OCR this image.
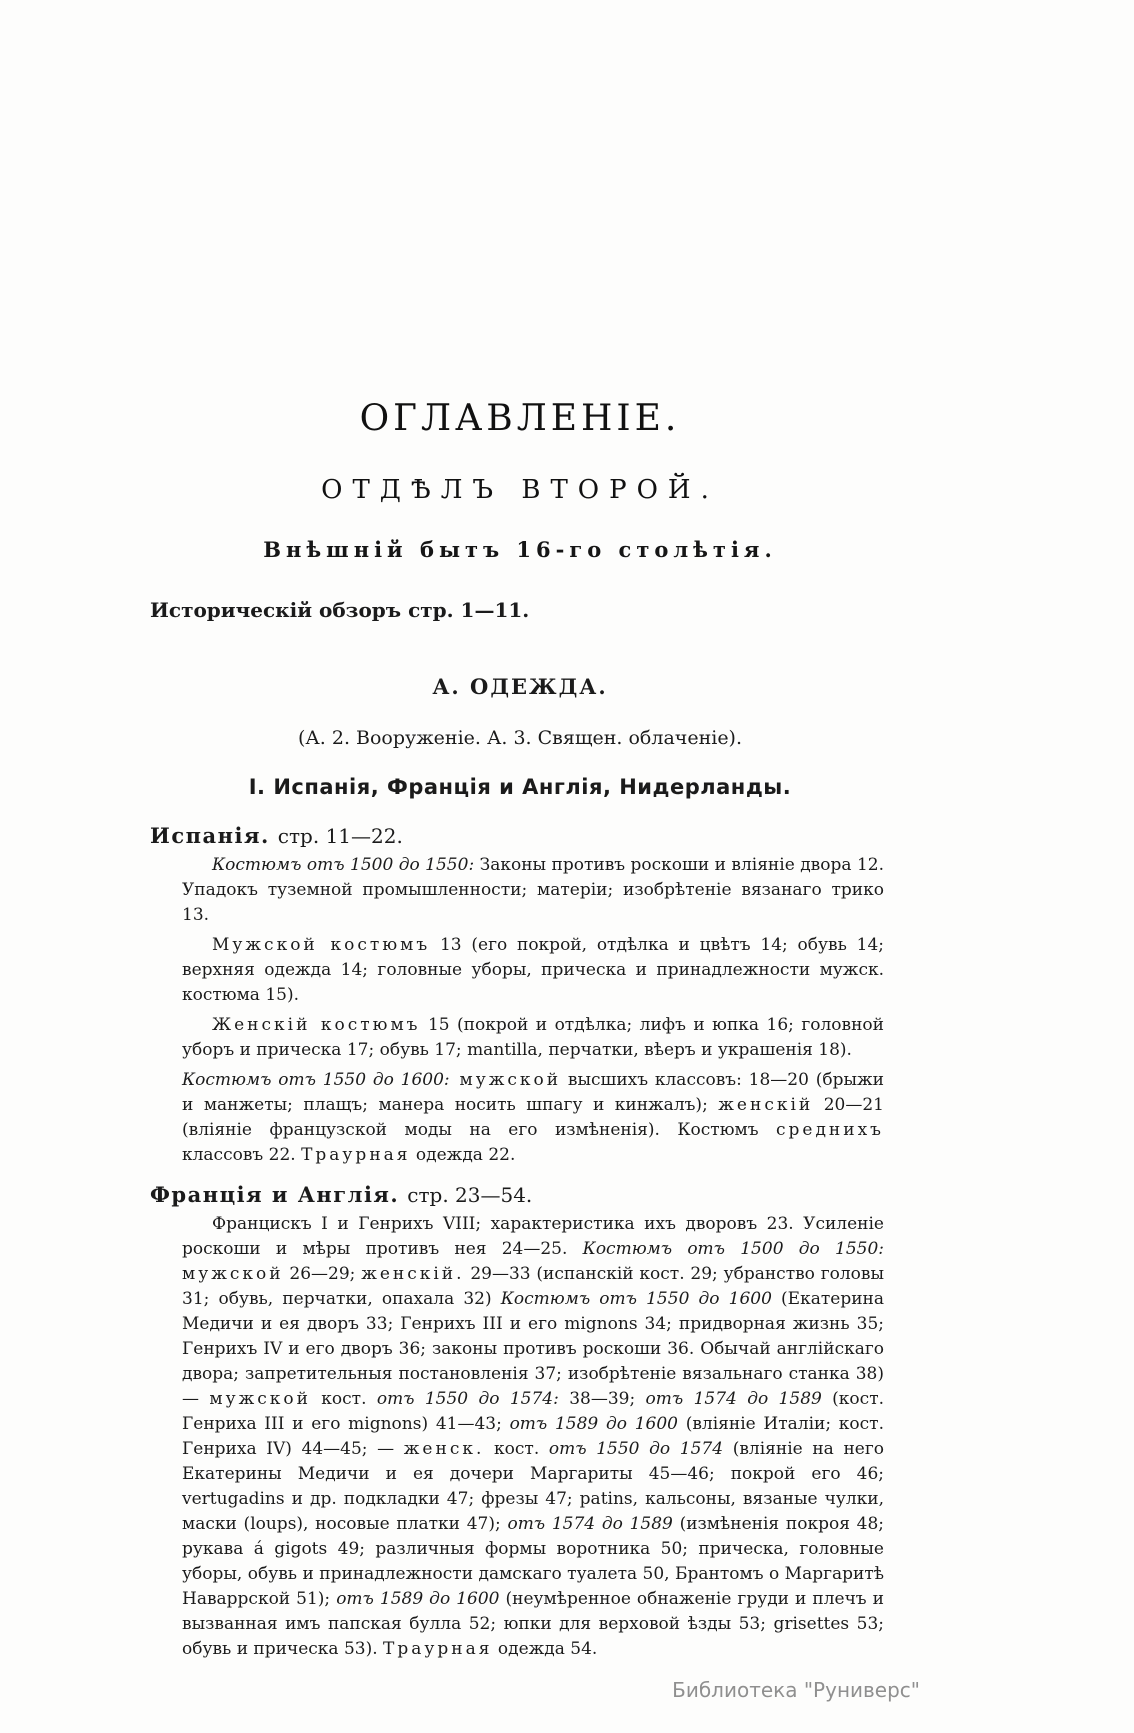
ОГЛАВЛЕНІЕ.
ОТДѢЛЪ ВТОРОЙ.
Внѣшній бытъ 16-го столѣтія.

Историческій обзоръ стр. 1—11.

А. ОДЕЖДА.

(А. 2. Вооруженіе. А. 3. Священ. облаченіе).

I. Испанія, Франція и Англія, Нидерланды.

Испанія. стр. 11—22.

Костюмъ отъ 1500 до 1550: Законы противъ роскоши и вліяніе двора 12. Упадокъ туземной промышленности; матеріи; изобрѣтеніе вязанаго трико 13.

Мужской костюмъ 13 (его покрой, отдѣлка и цвѣтъ 14; обувь 14; верхняя одежда 14; головные уборы, прическа и принадлежности мужск. костюма 15).

Женскій костюмъ 15 (покрой и отдѣлка; лифъ и юпка 16; головной уборъ и прическа 17; обувь 17; mantilla, перчатки, вѣеръ и украшенія 18).

Костюмъ отъ 1550 до 1600: мужской высшихъ классовъ: 18—20 (брыжи и манжеты; плащъ; манера носить шпагу и кинжалъ); женскій 20—21 (вліяніе французской моды на его измѣненія). Костюмъ среднихъ классовъ 22. Траурная одежда 22.

Франція и Англія. стр. 23—54.

Францискъ I и Генрихъ VIII; характеристика ихъ дворовъ 23. Усиленіе роскоши и мѣры противъ нея 24—25. Костюмъ отъ 1500 до 1550: мужской 26—29; женскій. 29—33 (испанскій кост. 29; убранство головы 31; обувь, перчатки, опахала 32) Костюмъ отъ 1550 до 1600 (Екатерина Медичи и ея дворъ 33; Генрихъ III и его mignons 34; придворная жизнь 35; Генрихъ IV и его дворъ 36; законы противъ роскоши 36. Обычай англійскаго двора; запретительныя постановленія 37; изобрѣтеніе вязальнаго станка 38) — мужской кост. отъ 1550 до 1574: 38—39; отъ 1574 до 1589 (кост. Генриха III и его mignons) 41—43; отъ 1589 до 1600 (вліяніе Италіи; кост. Генриха IV) 44—45; — женск. кост. отъ 1550 до 1574 (вліяніе на него Екатерины Медичи и ея дочери Маргариты 45—46; покрой его 46; vertugadins и др. подкладки 47; фрезы 47; patins, кальсоны, вязаные чулки, маски (loups), носовые платки 47); отъ 1574 до 1589 (измѣненія покроя 48; рукава á gigots 49; различныя формы воротника 50; прическа, головные уборы, обувь и принадлежности дамскаго туалета 50, Брантомъ о Маргаритѣ Наваррской 51); отъ 1589 до 1600 (неумѣренное обнаженіе груди и плечъ и вызванная имъ папская булла 52; юпки для верховой ѣзды 53; grisettes 53; обувь и прическа 53). Траурная одежда 54.

Библиотека "Руниверс"
